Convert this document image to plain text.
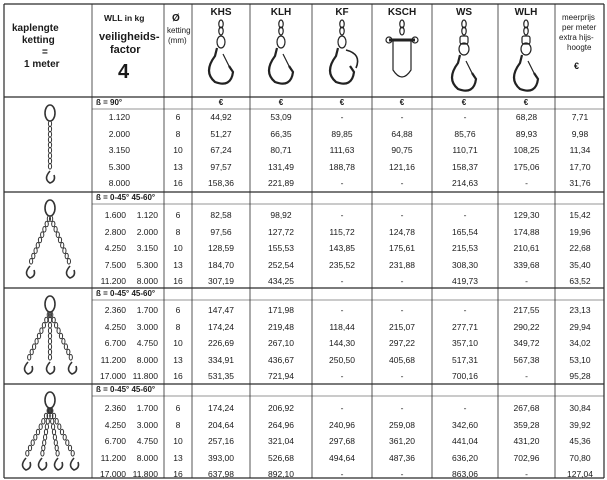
kaplengte
ketting
=
1 meter
WLL in kg
veiligheids-
factor
4
Ø
ketting
(mm)
KHS	KLH	KF	KSCH	WS	WLH	meerprijs
per meter
extra hijs-
hoogte
€
€	€	€	€	€	€
ß = 90°
1.120	6	44,92	53,09	-	-	-	68,28	7,71
2.000	8	51,27	66,35	89,85	64,88	85,76	89,93	9,98
3.150	10	67,24	80,71	111,63	90,75	110,71	108,25	11,34
5.300	13	97,57	131,49	188,78	121,16	158,37	175,06	17,70
8.000	16	158,36	221,89	-	-	214,63	-	31,76
ß = 0-45° 45-60°
1.600	1.120	6	82,58	98,92	-	-	-	129,30	15,42
2.800	2.000	8	97,56	127,72	115,72	124,78	165,54	174,88	19,96
4.250	3.150	10	128,59	155,53	143,85	175,61	215,53	210,61	22,68
7.500	5.300	13	184,70	252,54	235,52	231,88	308,30	339,68	35,40
11.200	8.000	16	307,19	434,25	-	-	419,73	-	63,52
ß = 0-45° 45-60°
2.360	1.700	6	147,47	171,98	-	-	-	217,55	23,13
4.250	3.000	8	174,24	219,48	118,44	215,07	277,71	290,22	29,94
6.700	4.750	10	226,69	267,10	144,30	297,22	357,10	349,72	34,02
11.200	8.000	13	334,91	436,67	250,50	405,68	517,31	567,38	53,10
17.000 11.800	16	531,35	721,94	-	-	700,16	-	95,28
ß = 0-45° 45-60°
2.360	1.700	6	174,24	206,92	-	-	-	267,68	30,84
4.250	3.000	8	204,64	264,96	240,96	259,08	342,60	359,28	39,92
6.700	4.750	10	257,16	321,04	297,68	361,20	441,04	431,20	45,36
11.200	8.000	13	393,00	526,68	494,64	487,36	636,20	702,96	70,80
17.000 11.800	16	637,98	892,10	-	-	863,06	-	127,04
